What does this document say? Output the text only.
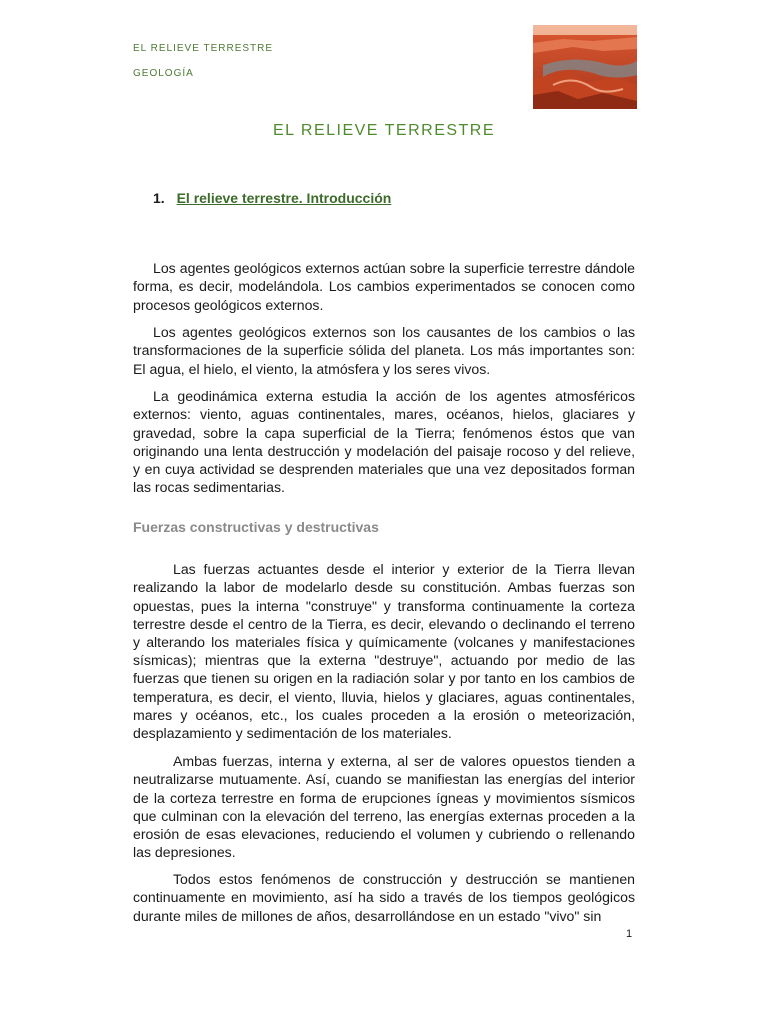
EL RELIEVE TERRESTRE
GEOLOGÍA
EL RELIEVE TERRESTRE
1. El relieve terrestre. Introducción

Los agentes geológicos externos actúan sobre la superficie terrestre dándole forma, es decir, modelándola. Los cambios experimentados se conocen como procesos geológicos externos.

Los agentes geológicos externos son los causantes de los cambios o las transformaciones de la superficie sólida del planeta. Los más importantes son: El agua, el hielo, el viento, la atmósfera y los seres vivos.

La geodinámica externa estudia la acción de los agentes atmosféricos externos: viento, aguas continentales, mares, océanos, hielos, glaciares y gravedad, sobre la capa superficial de la Tierra; fenómenos éstos que van originando una lenta destrucción y modelación del paisaje rocoso y del relieve, y en cuya actividad se desprenden materiales que una vez depositados forman las rocas sedimentarias.

Fuerzas constructivas y destructivas

Las fuerzas actuantes desde el interior y exterior de la Tierra llevan realizando la labor de modelarlo desde su constitución. Ambas fuerzas son opuestas, pues la interna "construye" y transforma continuamente la corteza terrestre desde el centro de la Tierra, es decir, elevando o declinando el terreno y alterando los materiales física y químicamente (volcanes y manifestaciones sísmicas); mientras que la externa "destruye", actuando por medio de las fuerzas que tienen su origen en la radiación solar y por tanto en los cambios de temperatura, es decir, el viento, lluvia, hielos y glaciares, aguas continentales, mares y océanos, etc., los cuales proceden a la erosión o meteorización, desplazamiento y sedimentación de los materiales.

Ambas fuerzas, interna y externa, al ser de valores opuestos tienden a neutralizarse mutuamente. Así, cuando se manifiestan las energías del interior de la corteza terrestre en forma de erupciones ígneas y movimientos sísmicos que culminan con la elevación del terreno, las energías externas proceden a la erosión de esas elevaciones, reduciendo el volumen y cubriendo o rellenando las depresiones.

Todos estos fenómenos de construcción y destrucción se mantienen continuamente en movimiento, así ha sido a través de los tiempos geológicos durante miles de millones de años, desarrollándose en un estado "vivo" sin

1
